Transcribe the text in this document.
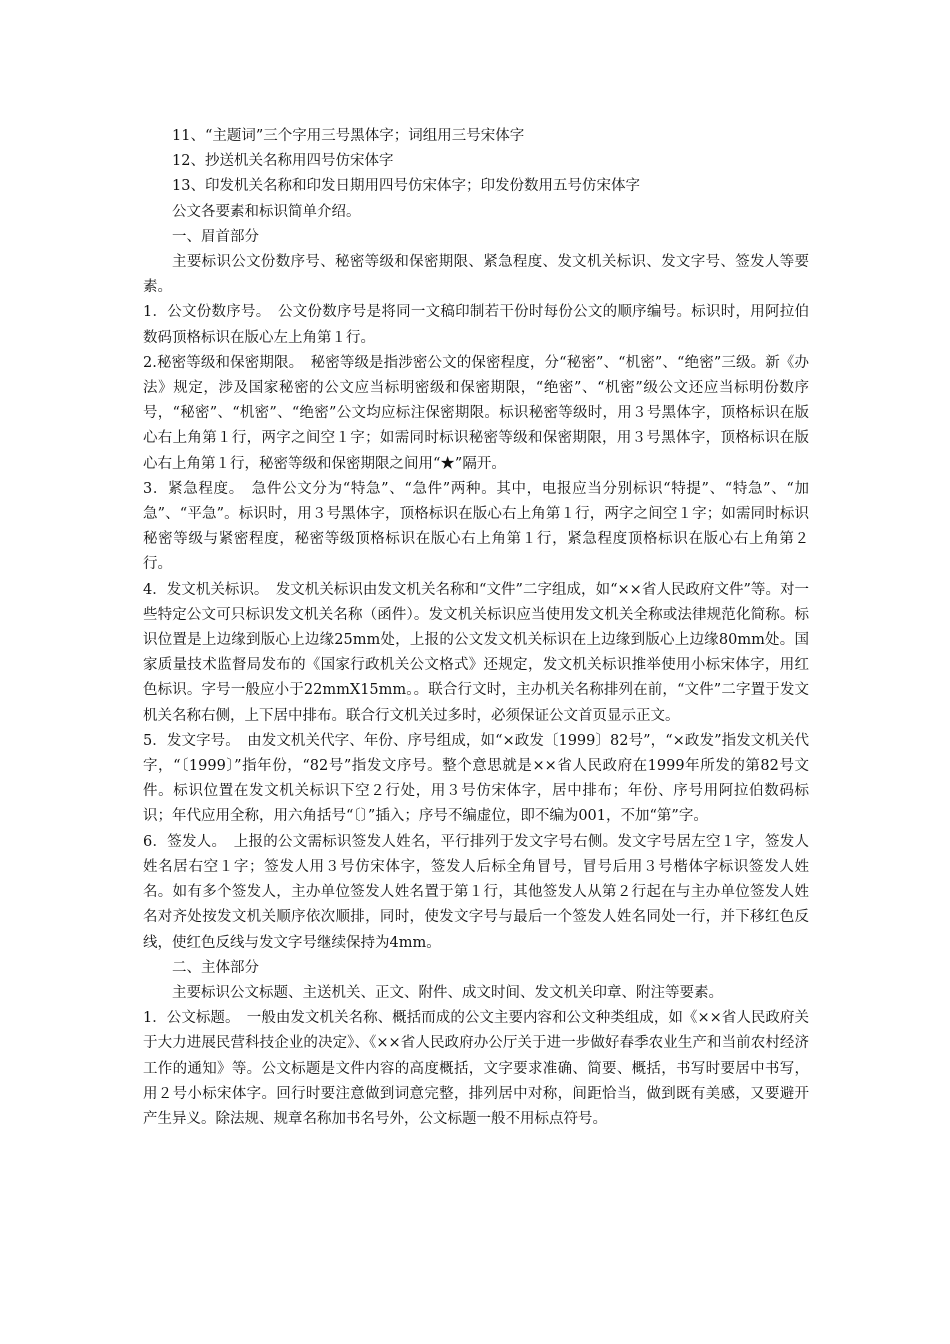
11、“主题词”三个字用三号黑体字；词组用三号宋体字

12、抄送机关名称用四号仿宋体字

13、印发机关名称和印发日期用四号仿宋体字；印发份数用五号仿宋体字

公文各要素和标识简单介绍。

一、眉首部分

主要标识公文份数序号、秘密等级和保密期限、紧急程度、发文机关标识、发文字号、签发人等要素。

1．公文份数序号。　公文份数序号是将同一文稿印制若干份时每份公文的顺序编号。标识时，用阿拉伯数码顶格标识在版心左上角第１行。

2.秘密等级和保密期限。　秘密等级是指涉密公文的保密程度，分“秘密”、“机密”、“绝密”三级。新《办法》规定，涉及国家秘密的公文应当标明密级和保密期限，“绝密”、“机密”级公文还应当标明份数序号，“秘密”、“机密”、“绝密”公文均应标注保密期限。标识秘密等级时，用３号黑体字，顶格标识在版心右上角第１行，两字之间空１字；如需同时标识秘密等级和保密期限，用３号黑体字，顶格标识在版心右上角第１行，秘密等级和保密期限之间用“★”隔开。

3．紧急程度。　急件公文分为“特急”、“急件”两种。其中，电报应当分别标识“特提”、“特急”、“加急”、“平急”。标识时，用３号黑体字，顶格标识在版心右上角第１行，两字之间空１字；如需同时标识秘密等级与紧密程度，秘密等级顶格标识在版心右上角第１行，紧急程度顶格标识在版心右上角第２行。

4．发文机关标识。　发文机关标识由发文机关名称和“文件”二字组成，如“××省人民政府文件”等。对一些特定公文可只标识发文机关名称（函件）。发文机关标识应当使用发文机关全称或法律规范化简称。标识位置是上边缘到版心上边缘25mm处，上报的公文发文机关标识在上边缘到版心上边缘80mm处。国家质量技术监督局发布的《国家行政机关公文格式》还规定，发文机关标识推举使用小标宋体字，用红色标识。字号一般应小于22mmX15mm。。联合行文时，主办机关名称排列在前，“文件”二字置于发文机关名称右侧，上下居中排布。联合行文机关过多时，必须保证公文首页显示正文。

5．发文字号。　由发文机关代字、年份、序号组成，如“×政发〔1999〕82号”，“×政发”指发文机关代字，“〔1999〕”指年份，“82号”指发文序号。整个意思就是××省人民政府在1999年所发的第82号文件。标识位置在发文机关标识下空２行处，用３号仿宋体字，居中排布；年份、序号用阿拉伯数码标识；年代应用全称，用六角括号“〔〕”插入；序号不编虚位，即不编为001，不加“第”字。

6．签发人。　上报的公文需标识签发人姓名，平行排列于发文字号右侧。发文字号居左空１字，签发人姓名居右空１字；签发人用３号仿宋体字，签发人后标全角冒号，冒号后用３号楷体字标识签发人姓名。如有多个签发人，主办单位签发人姓名置于第１行，其他签发人从第２行起在与主办单位签发人姓名对齐处按发文机关顺序依次顺排，同时，使发文字号与最后一个签发人姓名同处一行，并下移红色反线，使红色反线与发文字号继续保持为4mm。

二、主体部分

主要标识公文标题、主送机关、正文、附件、成文时间、发文机关印章、附注等要素。

1．公文标题。　一般由发文机关名称、概括而成的公文主要内容和公文种类组成，如《××省人民政府关于大力进展民营科技企业的决定》、《××省人民政府办公厅关于进一步做好春季农业生产和当前农村经济工作的通知》等。公文标题是文件内容的高度概括，文字要求准确、简要、概括，书写时要居中书写，用２号小标宋体字。回行时要注意做到词意完整，排列居中对称，间距恰当，做到既有美感，又要避开产生异义。除法规、规章名称加书名号外，公文标题一般不用标点符号。
